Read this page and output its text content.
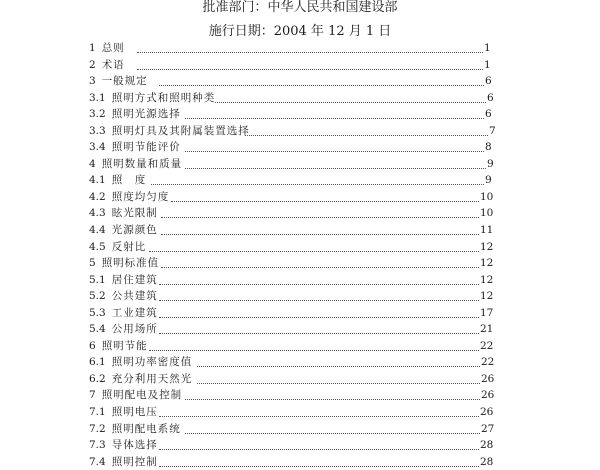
批准部门：中华人民共和国建设部
施行日期：2004 年 12 月 1 日
1 总则	1
2 术语	1
3 一般规定	6
3.1 照明方式和照明种类	6
3.2 照明光源选择	6
3.3 照明灯具及其附属装置选择	7
3.4 照明节能评价	8
4 照明数量和质量	9
4.1 照　度	9
4.2 照度均匀度	10
4.3 眩光限制	10
4.4 光源颜色	11
4.5 反射比	12
5 照明标准值	12
5.1 居住建筑	12
5.2 公共建筑	12
5.3 工业建筑	17
5.4 公用场所	21
6 照明节能	22
6.1 照明功率密度值	22
6.2 充分利用天然光	26
7 照明配电及控制	26
7.1 照明电压	26
7.2 照明配电系统	27
7.3 导体选择	28
7.4 照明控制	28
